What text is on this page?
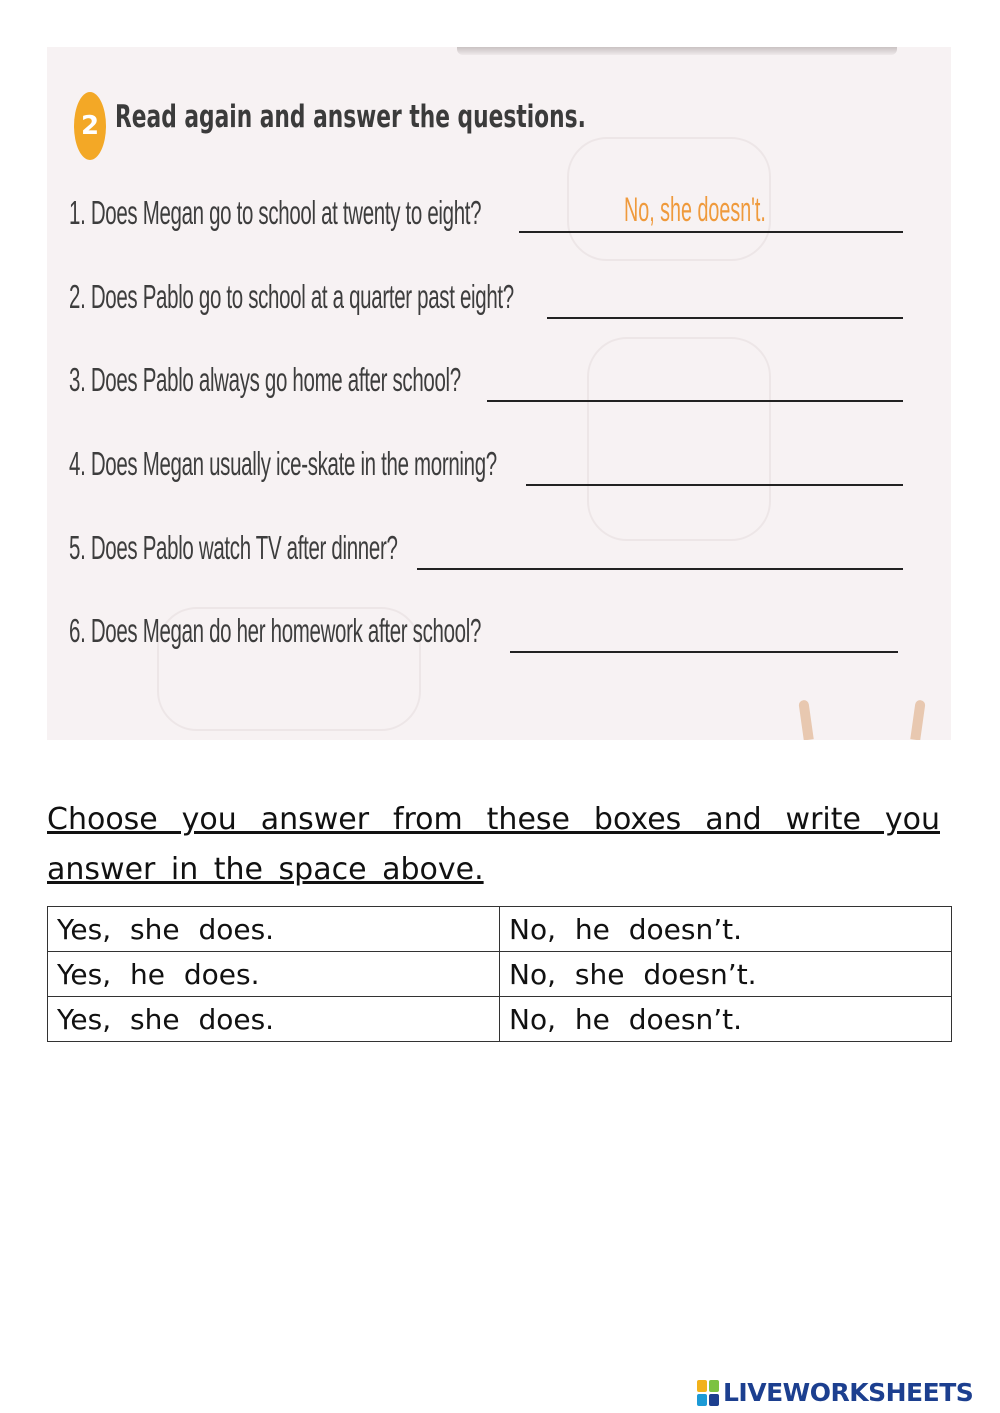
2 Read again and answer the questions.
1. Does Megan go to school at twenty to eight?	No, she doesn't.
2. Does Pablo go to school at a quarter past eight?
3. Does Pablo always go home after school?
4. Does Megan usually ice-skate in the morning?
5. Does Pablo watch TV after dinner?
6. Does Megan do her homework after school?
Choose you answer from these boxes and write you answer in the space above.
Yes, she does.	No, he doesn’t.
Yes, he does.	No, she doesn’t.
Yes, she does.	No, he doesn’t.
LIVEWORKSHEETS
